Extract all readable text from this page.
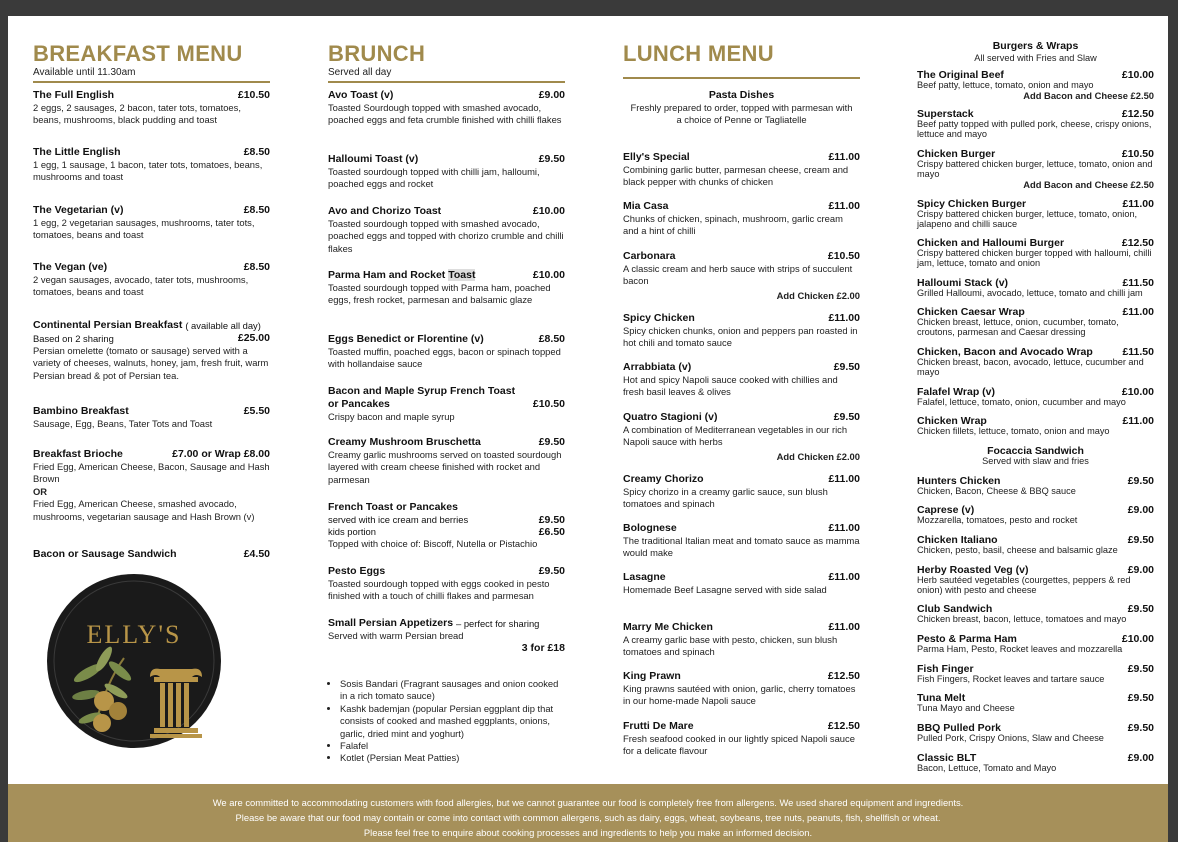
BREAKFAST MENU
Available until 11.30am
The Full English	£10.50
2 eggs, 2 sausages, 2 bacon, tater tots, tomatoes, beans, mushrooms, black pudding and toast
The Little English	£8.50
1 egg, 1 sausage, 1 bacon, tater tots, tomatoes, beans, mushrooms and toast
The Vegetarian (v)	£8.50
1 egg, 2 vegetarian sausages, mushrooms, tater tots, tomatoes, beans and toast
The Vegan (ve)	£8.50
2 vegan sausages, avocado, tater tots, mushrooms, tomatoes, beans and toast
Continental Persian Breakfast
( available all day)
Based on 2 sharing	£25.00
Persian omelette (tomato or sausage) served with a variety of cheeses, walnuts, honey, jam, fresh fruit, warm Persian bread & pot of Persian tea.
Bambino Breakfast	£5.50
Sausage, Egg, Beans, Tater Tots and Toast
Breakfast Brioche	£7.00 or Wrap £8.00
Fried Egg, American Cheese, Bacon, Sausage and Hash Brown
OR
Fried Egg, American Cheese, smashed avocado, mushrooms, vegetarian sausage and Hash Brown (v)
Bacon or Sausage Sandwich	£4.50
ELLY'S
BRUNCH
Served all day
Avo Toast (v)	£9.00
Toasted Sourdough topped with smashed avocado, poached eggs and feta crumble finished with chilli flakes
Halloumi Toast (v)	£9.50
Toasted sourdough topped with chilli jam, halloumi, poached eggs and rocket
Avo and Chorizo Toast	£10.00
Toasted sourdough topped with smashed avocado, poached eggs and topped with chorizo crumble and chilli flakes
Parma Ham and Rocket Toast	£10.00
Toasted sourdough topped with Parma ham, poached eggs, fresh rocket, parmesan and balsamic glaze
Eggs Benedict or Florentine (v)	£8.50
Toasted muffin, poached eggs, bacon or spinach topped with hollandaise sauce
Bacon and Maple Syrup French Toast
or Pancakes	£10.50
Crispy bacon and maple syrup
Creamy Mushroom Bruschetta	£9.50
Creamy garlic mushrooms served on toasted sourdough layered with cream cheese finished with rocket and parmesan
French Toast or Pancakes
served with ice cream and berries	£9.50
kids portion	£6.50
Topped with choice of: Biscoff, Nutella or Pistachio
Pesto Eggs	£9.50
Toasted sourdough topped with eggs cooked in pesto finished with a touch of chilli flakes and parmesan
Small Persian Appetizers
– perfect for sharing
Served with warm Persian bread
3 for £18
• Sosis Bandari (Fragrant sausages and onion cooked in a rich tomato sauce)
• Kashk bademjan (popular Persian eggplant dip that consists of cooked and mashed eggplants, onions, garlic, dried mint and yoghurt)
• Falafel
• Kotlet (Persian Meat Patties)
LUNCH MENU
Pasta Dishes
Freshly prepared to order, topped with parmesan with a choice of Penne or Tagliatelle
Elly's Special	£11.00
Combining garlic butter, parmesan cheese, cream and black pepper with chunks of chicken
Mia Casa	£11.00
Chunks of chicken, spinach, mushroom, garlic cream and a hint of chilli
Carbonara	£10.50
A classic cream and herb sauce with strips of succulent bacon
Add Chicken £2.00
Spicy Chicken	£11.00
Spicy chicken chunks, onion and peppers pan roasted in hot chili and tomato sauce
Arrabbiata (v)	£9.50
Hot and spicy Napoli sauce cooked with chillies and fresh basil leaves & olives
Quatro Stagioni (v)	£9.50
A combination of Mediterranean vegetables in our rich Napoli sauce with herbs
Add Chicken £2.00
Creamy Chorizo	£11.00
Spicy chorizo in a creamy garlic sauce, sun blush tomatoes and spinach
Bolognese	£11.00
The traditional Italian meat and tomato sauce as mamma would make
Lasagne	£11.00
Homemade Beef Lasagne served with side salad
Marry Me Chicken	£11.00
A creamy garlic base with pesto, chicken, sun blush tomatoes and spinach
King Prawn	£12.50
King prawns sautéed with onion, garlic, cherry tomatoes in our home-made Napoli sauce
Frutti De Mare	£12.50
Fresh seafood cooked in our lightly spiced Napoli sauce for a delicate flavour
Burgers & Wraps
All served with Fries and Slaw
The Original Beef	£10.00
Beef patty, lettuce, tomato, onion and mayo
Add Bacon and Cheese £2.50
Superstack	£12.50
Beef patty topped with pulled pork, cheese, crispy onions, lettuce and mayo
Chicken Burger	£10.50
Crispy battered chicken burger, lettuce, tomato, onion and mayo
Add Bacon and Cheese £2.50
Spicy Chicken Burger	£11.00
Crispy battered chicken burger, lettuce, tomato, onion, jalapeno and chilli sauce
Chicken and Halloumi Burger	£12.50
Crispy battered chicken burger topped with halloumi, chilli jam, lettuce, tomato and onion
Halloumi Stack (v)	£11.50
Grilled Halloumi, avocado, lettuce, tomato and chilli jam
Chicken Caesar Wrap	£11.00
Chicken breast, lettuce, onion, cucumber, tomato, croutons, parmesan and Caesar dressing
Chicken, Bacon and Avocado Wrap	£11.50
Chicken breast, bacon, avocado, lettuce, cucumber and mayo
Falafel Wrap (v)	£10.00
Falafel, lettuce, tomato, onion, cucumber and mayo
Chicken Wrap	£11.00
Chicken fillets, lettuce, tomato, onion and mayo
Focaccia Sandwich
Served with slaw and fries
Hunters Chicken	£9.50
Chicken, Bacon, Cheese & BBQ sauce
Caprese (v)	£9.00
Mozzarella, tomatoes, pesto and rocket
Chicken Italiano	£9.50
Chicken, pesto, basil, cheese and balsamic glaze
Herby Roasted Veg (v)	£9.00
Herb sautéed vegetables (courgettes, peppers & red onion) with pesto and cheese
Club Sandwich	£9.50
Chicken breast, bacon, lettuce, tomatoes and mayo
Pesto & Parma Ham	£10.00
Parma Ham, Pesto, Rocket leaves and mozzarella
Fish Finger	£9.50
Fish Fingers, Rocket leaves and tartare sauce
Tuna Melt	£9.50
Tuna Mayo and Cheese
BBQ Pulled Pork	£9.50
Pulled Pork, Crispy Onions, Slaw and Cheese
Classic BLT	£9.00
Bacon, Lettuce, Tomato and Mayo
We are committed to accommodating customers with food allergies, but we cannot guarantee our food is completely free from allergens. We used shared equipment and ingredients.
Please be aware that our food may contain or come into contact with common allergens, such as dairy, eggs, wheat, soybeans, tree nuts, peanuts, fish, shellfish or wheat.
Please feel free to enquire about cooking processes and ingredients to help you make an informed decision.
